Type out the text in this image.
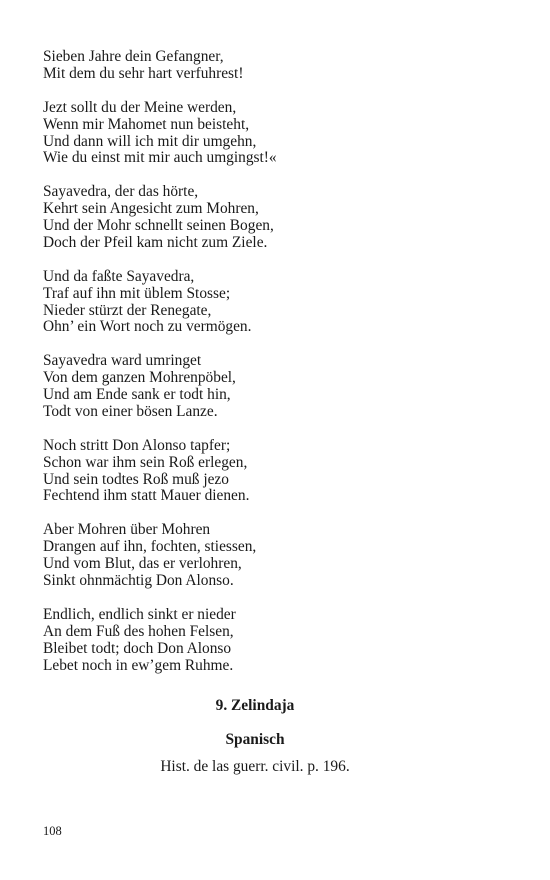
Sieben Jahre dein Gefangner,
Mit dem du sehr hart verfuhrest!
Jezt sollt du der Meine werden,
Wenn mir Mahomet nun beisteht,
Und dann will ich mit dir umgehn,
Wie du einst mit mir auch umgingst!«
Sayavedra, der das hörte,
Kehrt sein Angesicht zum Mohren,
Und der Mohr schnellt seinen Bogen,
Doch der Pfeil kam nicht zum Ziele.
Und da faßte Sayavedra,
Traf auf ihn mit üblem Stosse;
Nieder stürzt der Renegate,
Ohn’ ein Wort noch zu vermögen.
Sayavedra ward umringet
Von dem ganzen Mohrenpöbel,
Und am Ende sank er todt hin,
Todt von einer bösen Lanze.
Noch stritt Don Alonso tapfer;
Schon war ihm sein Roß erlegen,
Und sein todtes Roß muß jezo
Fechtend ihm statt Mauer dienen.
Aber Mohren über Mohren
Drangen auf ihn, fochten, stiessen,
Und vom Blut, das er verlohren,
Sinkt ohnmächtig Don Alonso.
Endlich, endlich sinkt er nieder
An dem Fuß des hohen Felsen,
Bleibet todt; doch Don Alonso
Lebet noch in ew’gem Ruhme.
9. Zelindaja
Spanisch
Hist. de las guerr. civil. p. 196.
108
